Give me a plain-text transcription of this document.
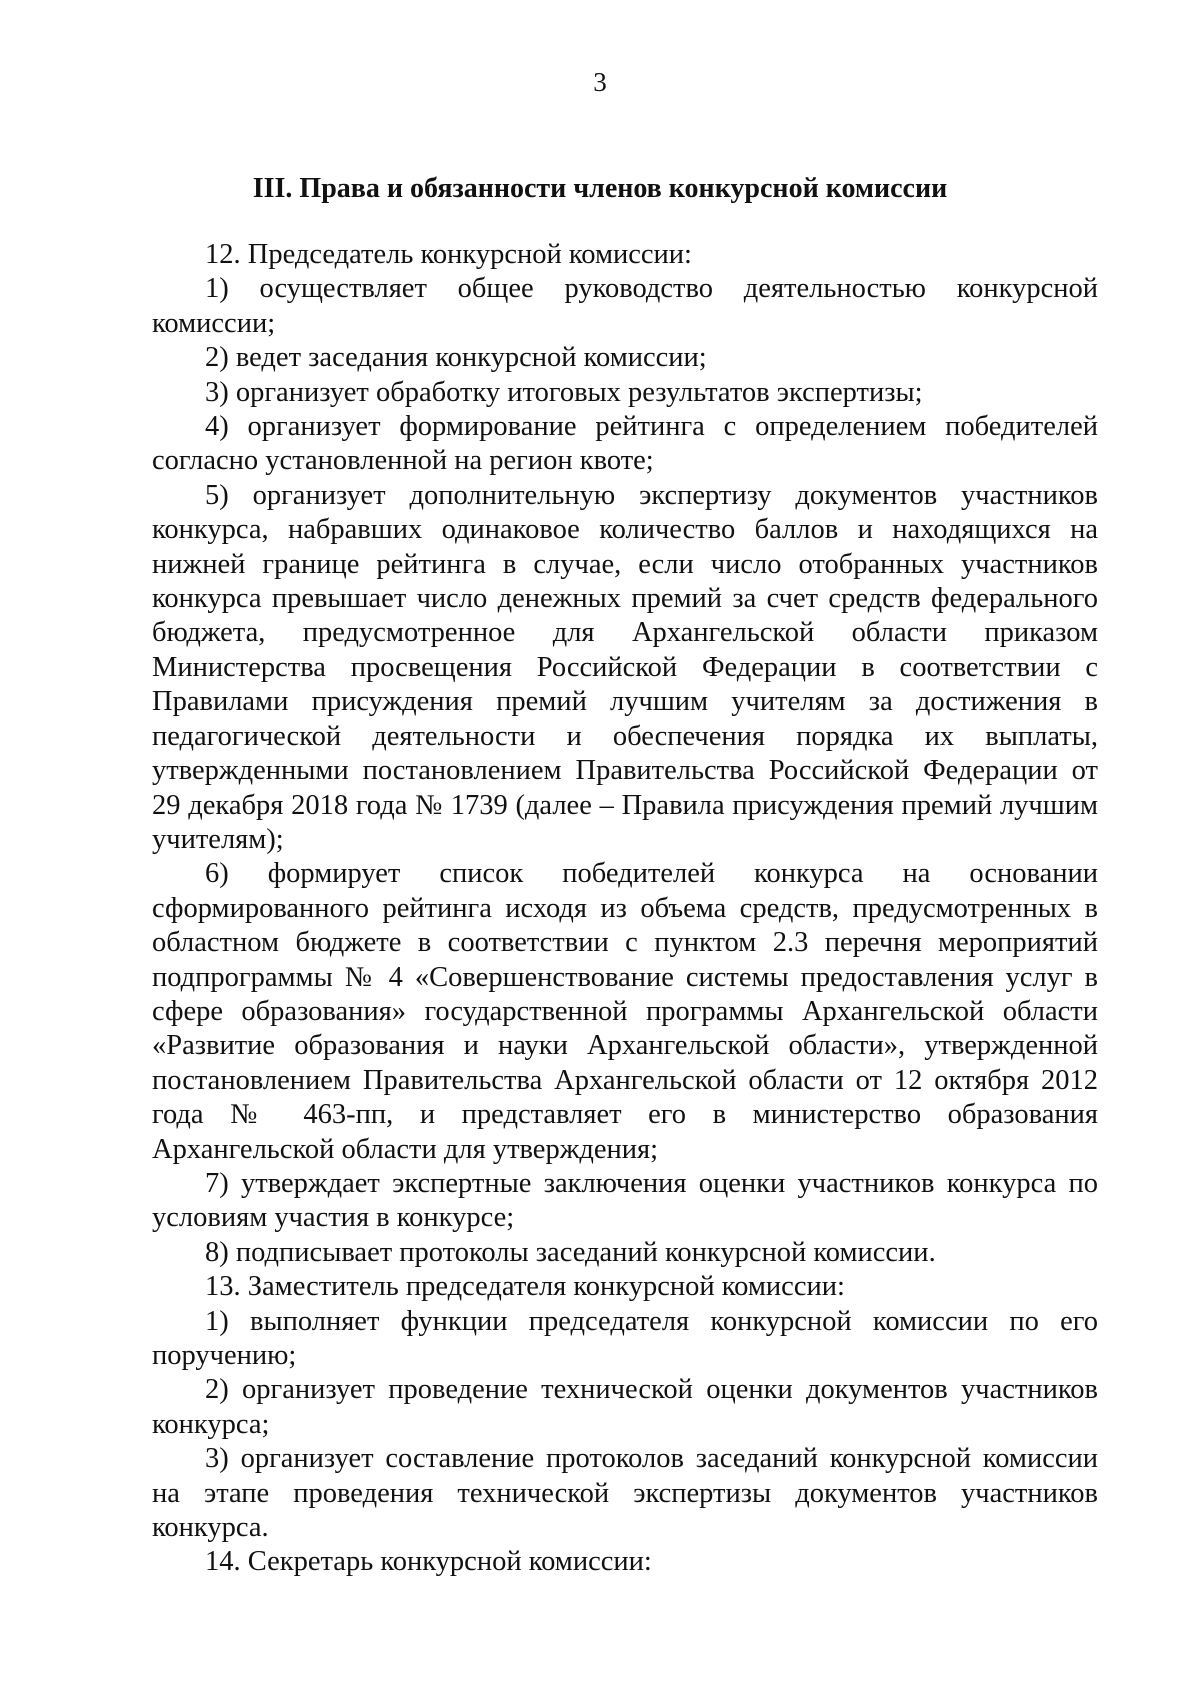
3
III. Права и обязанности членов конкурсной комиссии

12. Председатель конкурсной комиссии:

1) осуществляет общее руководство деятельностью конкурсной комиссии;

2) ведет заседания конкурсной комиссии;

3) организует обработку итоговых результатов экспертизы;

4) организует формирование рейтинга с определением победителей согласно установленной на регион квоте;

5) организует дополнительную экспертизу документов участников конкурса, набравших одинаковое количество баллов и находящихся на нижней границе рейтинга в случае, если число отобранных участников конкурса превышает число денежных премий за счет средств федерального бюджета, предусмотренное для Архангельской области приказом Министерства просвещения Российской Федерации в соответствии с Правилами присуждения премий лучшим учителям за достижения в педагогической деятельности и обеспечения порядка их выплаты, утвержденными постановлением Правительства Российской Федерации от 29 декабря 2018 года № 1739 (далее – Правила присуждения премий лучшим учителям);

6) формирует список победителей конкурса на основании сформированного рейтинга исходя из объема средств, предусмотренных в областном бюджете в соответствии с пунктом 2.3 перечня мероприятий подпрограммы № 4 «Совершенствование системы предоставления услуг в сфере образования» государственной программы Архангельской области «Развитие образования и науки Архангельской области», утвержденной постановлением Правительства Архангельской области от 12 октября 2012 года № 463-пп, и представляет его в министерство образования Архангельской области для утверждения;

7) утверждает экспертные заключения оценки участников конкурса по условиям участия в конкурсе;

8) подписывает протоколы заседаний конкурсной комиссии.

13. Заместитель председателя конкурсной комиссии:

1) выполняет функции председателя конкурсной комиссии по его поручению;

2) организует проведение технической оценки документов участников конкурса;

3) организует составление протоколов заседаний конкурсной комиссии на этапе проведения технической экспертизы документов участников конкурса.

14. Секретарь конкурсной комиссии:
